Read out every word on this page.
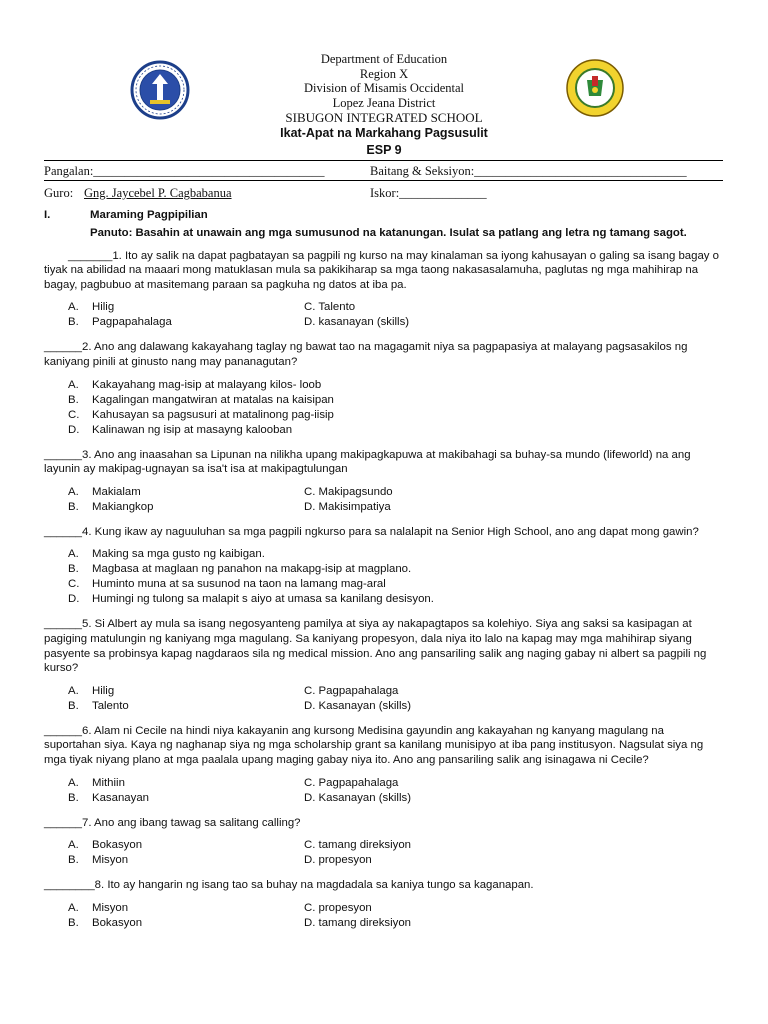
Department of Education
Region X
Division of Misamis Occidental
Lopez Jeana District
SIBUGON INTEGRATED SCHOOL
Ikat-Apat na Markahang Pagsusulit
ESP 9
Pangalan:_____________________________________	Baitang & Seksiyon:__________________________________
Guro: Gng. Jaycebel P. Cagbabanua	Iskor:______________
I.	Maraming Pagpipilian
Panuto: Basahin at unawain ang mga sumusunod na katanungan. Isulat sa patlang ang letra ng tamang sagot.
_______1. Ito ay salik na dapat pagbatayan sa pagpili ng kurso na may kinalaman sa iyong kahusayan o galing sa isang bagay o tiyak na abilidad na maaari mong matuklasan mula sa pakikiharap sa mga taong nakasasalamuha, paglutas ng mga mahihirap na bagay, pagbubuo at masitemang paraan sa pagkuha ng datos at iba pa.
A.	Hilig	C. Talento
B.	Pagpapahalaga	D. kasanayan (skills)
______2. Ano ang dalawang kakayahang taglay ng bawat tao na magagamit niya sa pagpapasiya at malayang pagsasakilos ng kaniyang pinili at ginusto nang may pananagutan?
A.	Kakayahang mag-isip at malayang kilos- loob
B.	Kagalingan mangatwiran at matalas na kaisipan
C.	Kahusayan sa pagsusuri at matalinong pag-iisip
D.	Kalinawan ng isip at masayng kalooban
______3. Ano ang inaasahan sa Lipunan na nilikha upang makipagkapuwa at makibahagi sa buhay-sa mundo (lifeworld) na ang layunin ay makipag-ugnayan sa isa't isa at makipagtulungan
A.	Makialam	C. Makipagsundo
B.	Makiangkop	D. Makisimpatiya
______4. Kung ikaw ay naguuluhan sa mga pagpili ngkurso para sa nalalapit na Senior High School, ano ang dapat mong gawin?
A.	Making sa mga gusto ng kaibigan.
B.	Magbasa at maglaan ng panahon na makapg-isip at magplano.
C.	Huminto muna at sa susunod na taon na lamang mag-aral
D.	Humingi ng tulong sa malapit s aiyo at umasa sa kanilang desisyon.
______5. Si Albert ay mula sa isang negosyanteng pamilya at siya ay nakapagtapos sa kolehiyo. Siya ang saksi sa kasipagan at pagiging matulungin ng kaniyang mga magulang. Sa kaniyang propesyon, dala niya ito lalo na kapag may mga mahihirap siyang pasyente sa probinsya kapag nagdaraos sila ng medical mission. Ano ang pansariling salik ang naging gabay ni albert sa pagpili ng kurso?
A.	Hilig	C. Pagpapahalaga
B.	Talento	D. Kasanayan (skills)
______6. Alam ni Cecile na hindi niya kakayanin ang kursong Medisina gayundin ang kakayahan ng kanyang magulang na suportahan siya. Kaya ng naghanap siya ng mga scholarship grant sa kanilang munisipyo at iba pang institusyon. Nagsulat siya ng mga tiyak niyang plano at mga paalala upang maging gabay niya ito. Ano ang pansariling salik ang isinagawa ni Cecile?
A.	Mithiin	C. Pagpapahalaga
B.	Kasanayan	D. Kasanayan (skills)
______7. Ano ang ibang tawag sa salitang calling?
A.	Bokasyon	C. tamang direksiyon
B.	Misyon	D. propesyon
________8. Ito ay hangarin ng isang tao sa buhay na magdadala sa kaniya tungo sa kaganapan.
A.	Misyon	C. propesyon
B.	Bokasyon	D. tamang direksiyon
